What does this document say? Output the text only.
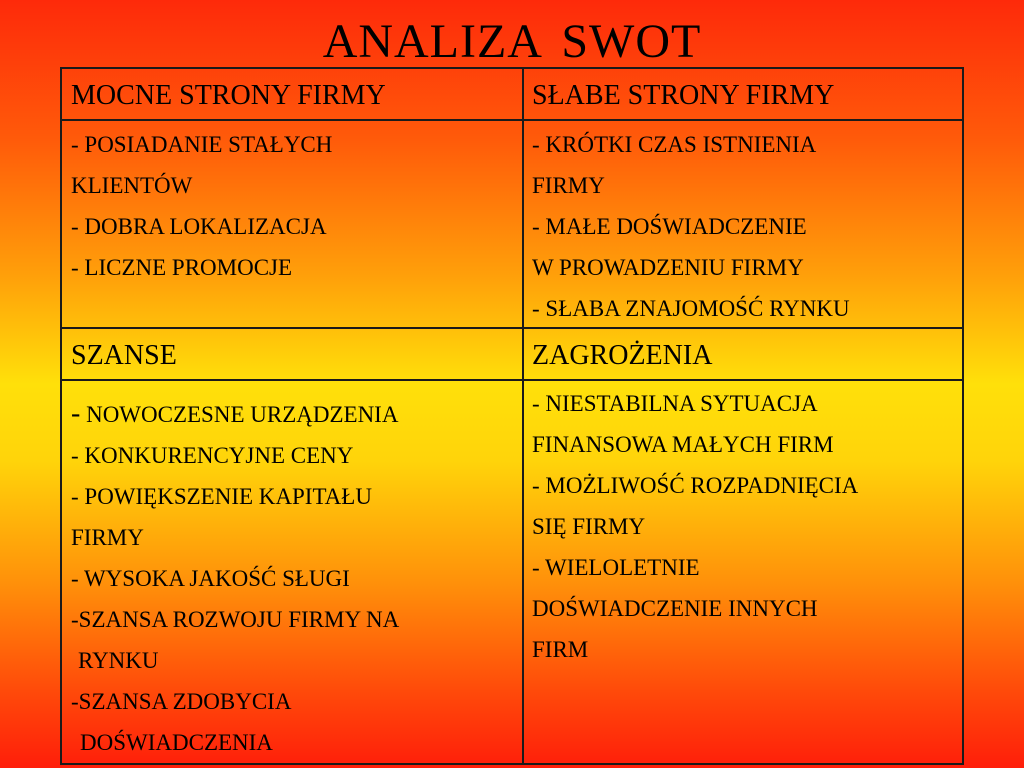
ANALIZA SWOT
MOCNE STRONY FIRMY	SŁABE STRONY FIRMY
- POSIADANIE STAŁYCH
KLIENTÓW
- DOBRA LOKALIZACJA
- LICZNE PROMOCJE
- KRÓTKI CZAS ISTNIENIA
FIRMY
- MAŁE DOŚWIADCZENIE
W PROWADZENIU FIRMY
- SŁABA ZNAJOMOŚĆ RYNKU
SZANSE	ZAGROŻENIA
- NOWOCZESNE URZĄDZENIA
- KONKURENCYJNE CENY
- POWIĘKSZENIE KAPITAŁU
FIRMY
- WYSOKA JAKOŚĆ SŁUGI
-SZANSA ROZWOJU FIRMY NA
RYNKU
-SZANSA ZDOBYCIA
DOŚWIADCZENIA
- NIESTABILNA SYTUACJA
FINANSOWA MAŁYCH FIRM
- MOŻLIWOŚĆ ROZPADNIĘCIA
SIĘ FIRMY
- WIELOLETNIE
DOŚWIADCZENIE INNYCH
FIRM
